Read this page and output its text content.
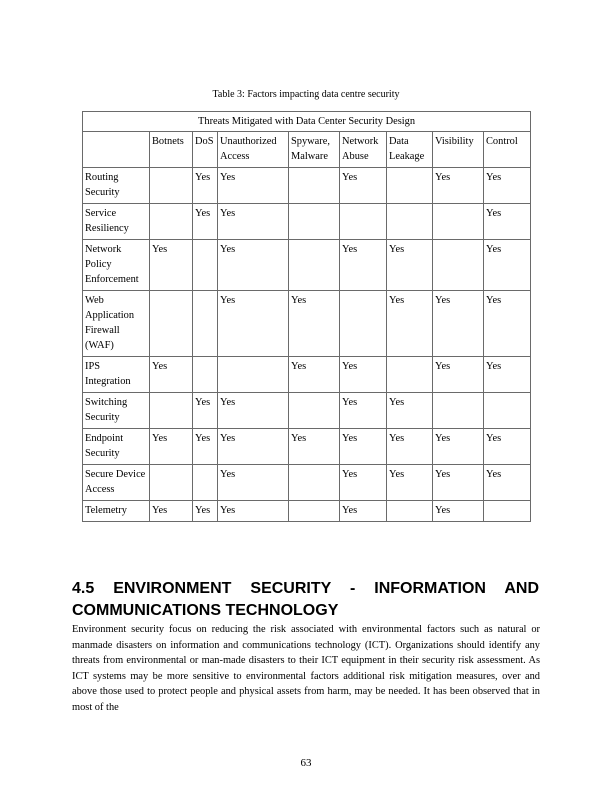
Table 3: Factors impacting data centre security
Threats Mitigated with Data Center Security Design								
	Botnets	DoS	Unauthorized Access	Spyware, Malware	Network Abuse	Data Leakage	Visibility	Control
Routing Security		Yes	Yes		Yes		Yes	Yes
Service Resiliency		Yes	Yes					Yes
Network Policy Enforcement	Yes		Yes		Yes	Yes		Yes
Web Application Firewall (WAF)			Yes	Yes		Yes	Yes	Yes
IPS Integration	Yes			Yes	Yes		Yes	Yes
Switching Security		Yes	Yes		Yes	Yes		
Endpoint Security	Yes	Yes	Yes	Yes	Yes	Yes	Yes	Yes
Secure Device Access			Yes		Yes	Yes	Yes	Yes
Telemetry	Yes	Yes	Yes		Yes		Yes	
4.5 ENVIRONMENT SECURITY - INFORMATION AND
COMMUNICATIONS TECHNOLOGY
Environment security focus on reducing the risk associated with environmental factors such as natural or manmade disasters on information and communications technology (ICT). Organizations should identify any threats from environmental or man-made disasters to their ICT equipment in their security risk assessment. As ICT systems may be more sensitive to environmental factors additional risk mitigation measures, over and above those used to protect people and physical assets from harm, may be needed. It has been observed that in most of the
63
